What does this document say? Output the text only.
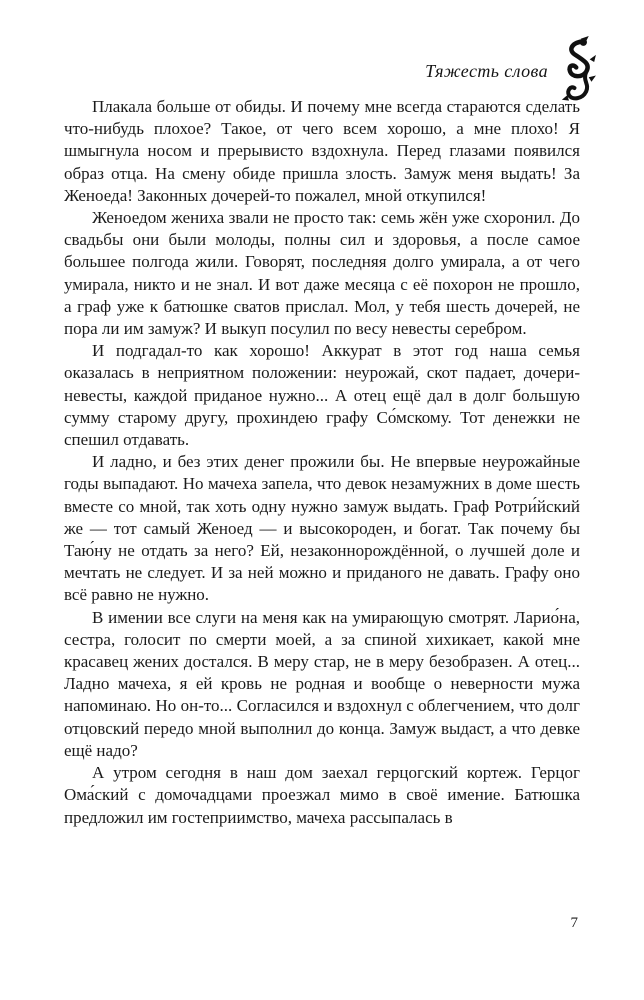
Тяжесть слова

Плакала больше от обиды. И почему мне всегда стараются сделать что-нибудь плохое? Такое, от чего всем хорошо, а мне плохо! Я шмыгнула носом и прерывисто вздохнула. Перед глазами появился образ отца. На смену обиде пришла злость. Замуж меня выдать! За Женоеда! Законных дочерей-то пожалел, мной откупился!

Женоедом жениха звали не просто так: семь жён уже схоронил. До свадьбы они были молоды, полны сил и здоровья, а после самое большее полгода жили. Говорят, последняя долго умирала, а от чего умирала, никто и не знал. И вот даже месяца с её похорон не прошло, а граф уже к батюшке сватов прислал. Мол, у тебя шесть дочерей, не пора ли им замуж? И выкуп посулил по весу невесты серебром.

И подгадал-то как хорошо! Аккурат в этот год наша семья оказалась в неприятном положении: неурожай, скот падает, дочери-невесты, каждой приданое нужно... А отец ещё дал в долг большую сумму старому другу, прохиндею графу Со́мскому. Тот денежки не спешил отдавать.

И ладно, и без этих денег прожили бы. Не впервые неурожайные годы выпадают. Но мачеха запела, что девок незамужних в доме шесть вместе со мной, так хоть одну нужно замуж выдать. Граф Ротри́йский же — тот самый Женоед — и высокороден, и богат. Так почему бы Таю́ну не отдать за него? Ей, незаконнорождённой, о лучшей доле и мечтать не следует. И за ней можно и приданого не давать. Графу оно всё равно не нужно.

В имении все слуги на меня как на умирающую смотрят. Ларио́на, сестра, голосит по смерти моей, а за спиной хихикает, какой мне красавец жених достался. В меру стар, не в меру безобразен. А отец... Ладно мачеха, я ей кровь не родная и вообще о неверности мужа напоминаю. Но он-то... Согласился и вздохнул с облегчением, что долг отцовский передо мной выполнил до конца. Замуж выдаст, а что девке ещё надо?

А утром сегодня в наш дом заехал герцогский кортеж. Герцог Ома́ский с домочадцами проезжал мимо в своё имение. Батюшка предложил им гостеприимство, мачеха рассыпалась в

7
